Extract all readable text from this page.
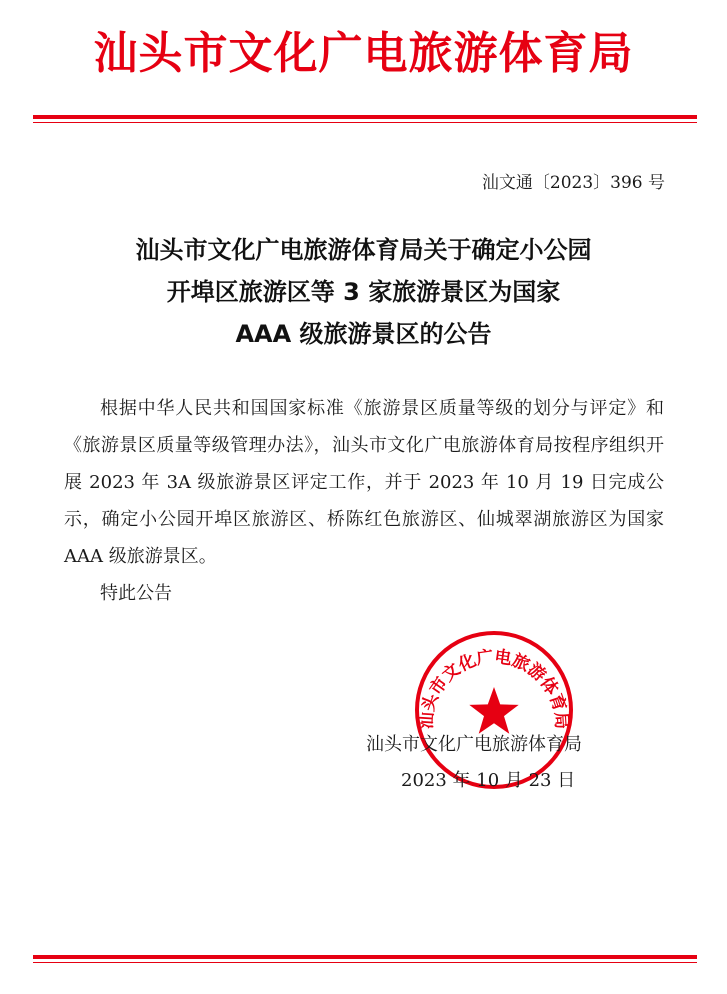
汕头市文化广电旅游体育局
汕文通〔2023〕396 号
汕头市文化广电旅游体育局关于确定小公园
开埠区旅游区等 3 家旅游景区为国家
AAA 级旅游景区的公告

根据中华人民共和国国家标准《旅游景区质量等级的划分与评定》和《旅游景区质量等级管理办法》，汕头市文化广电旅游体育局按程序组织开展 2023 年 3A 级旅游景区评定工作，并于 2023 年 10 月 19 日完成公示，确定小公园开埠区旅游区、桥陈红色旅游区、仙城翠湖旅游区为国家 AAA 级旅游景区。

特此公告
汕头市文化广电旅游体育局
汕头市文化广电旅游体育局
2023 年 10 月 23 日
